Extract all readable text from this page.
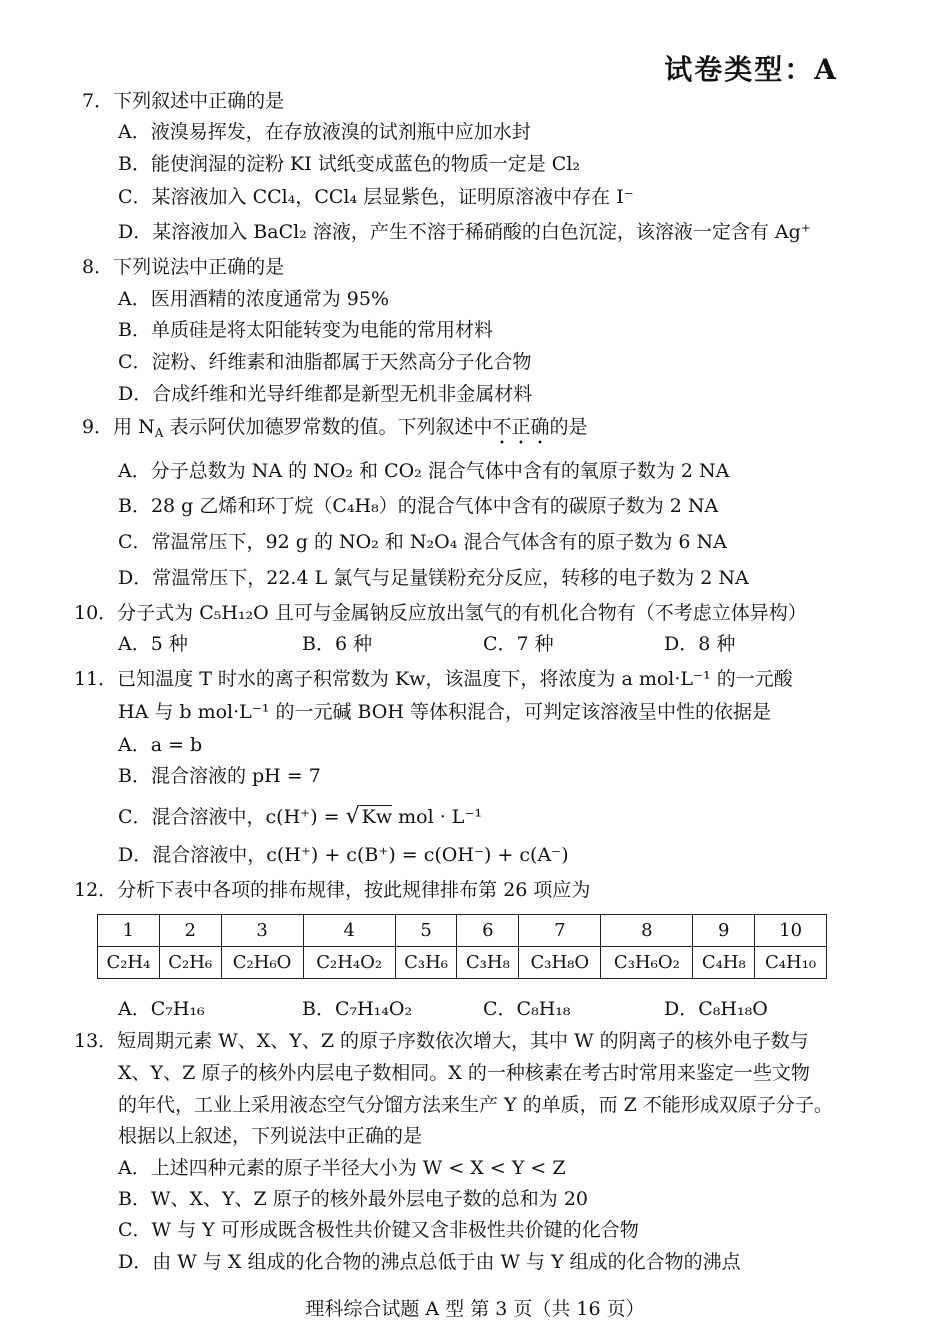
试卷类型：A
7．下列叙述中正确的是
A．液溴易挥发，在存放液溴的试剂瓶中应加水封
B．能使润湿的淀粉 KI 试纸变成蓝色的物质一定是 Cl₂
C．某溶液加入 CCl₄，CCl₄ 层显紫色，证明原溶液中存在 I⁻
D．某溶液加入 BaCl₂ 溶液，产生不溶于稀硝酸的白色沉淀，该溶液一定含有 Ag⁺
8．下列说法中正确的是
A．医用酒精的浓度通常为 95%
B．单质硅是将太阳能转变为电能的常用材料
C．淀粉、纤维素和油脂都属于天然高分子化合物
D．合成纤维和光导纤维都是新型无机非金属材料
9．用 $N_A$ 表示阿伏加德罗常数的值。下列叙述中不正确的是
A．分子总数为 NA 的 NO₂ 和 CO₂ 混合气体中含有的氧原子数为 2 NA
B．28 g 乙烯和环丁烷（C₄H₈）的混合气体中含有的碳原子数为 2 NA
C．常温常压下，92 g 的 NO₂ 和 N₂O₄ 混合气体含有的原子数为 6 NA
D．常温常压下，22.4 L 氯气与足量镁粉充分反应，转移的电子数为 2 NA
10．分子式为 C₅H₁₂O 且可与金属钠反应放出氢气的有机化合物有（不考虑立体异构）
A．5 种	B．6 种	C．7 种	D．8 种
11．已知温度 T 时水的离子积常数为 Kw，该温度下，将浓度为 a mol·L⁻¹ 的一元酸
HA 与 b mol·L⁻¹ 的一元碱 BOH 等体积混合，可判定该溶液呈中性的依据是
A．a = b
B．混合溶液的 pH = 7
C．混合溶液中，c(H⁺) = √ Kw mol · L⁻¹
D．混合溶液中，c(H⁺) + c(B⁺) = c(OH⁻) + c(A⁻)
12．分析下表中各项的排布规律，按此规律排布第 26 项应为
1	2	3	4	5	6	7	8	9	10
C₂H₄	C₂H₆	C₂H₆O	C₂H₄O₂	C₃H₆	C₃H₈	C₃H₈O	C₃H₆O₂	C₄H₈	C₄H₁₀
A．C₇H₁₆	B．C₇H₁₄O₂	C．C₈H₁₈	D．C₈H₁₈O
13．短周期元素 W、X、Y、Z 的原子序数依次增大，其中 W 的阴离子的核外电子数与
X、Y、Z 原子的核外内层电子数相同。X 的一种核素在考古时常用来鉴定一些文物
的年代，工业上采用液态空气分馏方法来生产 Y 的单质，而 Z 不能形成双原子分子。
根据以上叙述，下列说法中正确的是
A．上述四种元素的原子半径大小为 W < X < Y < Z
B．W、X、Y、Z 原子的核外最外层电子数的总和为 20
C．W 与 Y 可形成既含极性共价键又含非极性共价键的化合物
D．由 W 与 X 组成的化合物的沸点总低于由 W 与 Y 组成的化合物的沸点
理科综合试题 A 型 第 3 页（共 16 页）
